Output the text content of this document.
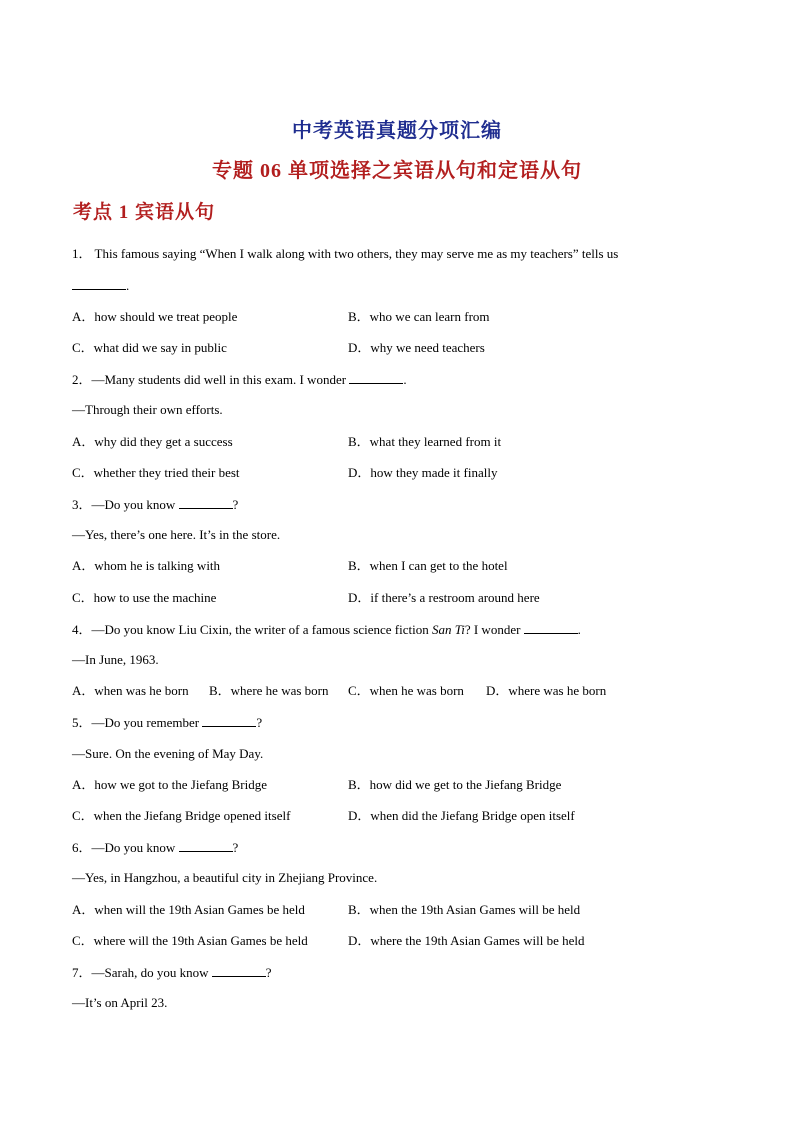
中考英语真题分项汇编
专题 06 单项选择之宾语从句和定语从句
考点 1 宾语从句
1． This famous saying “When I walk along with two others, they may serve me as my teachers” tells us
.
A．how should we treat people	B．who we can learn from
C．what did we say in public	D．why we need teachers
2．—Many students did well in this exam. I wonder	.
—Through their own efforts.
A．why did they get a success	B．what they learned from it
C．whether they tried their best	D．how they made it finally
3．—Do you know	?
—Yes, there’s one here. It’s in the store.
A．whom he is talking with	B．when I can get to the hotel
C．how to use the machine	D．if there’s a restroom around here
4．—Do you know Liu Cixin, the writer of a famous science fiction San Ti? I wonder	.
—In June, 1963.
A．when was he born B．where he was born C．when he was born D．where was he born
5．—Do you remember	?
—Sure. On the evening of May Day.
A．how we got to the Jiefang Bridge	B．how did we get to the Jiefang Bridge
C．when the Jiefang Bridge opened itself	D．when did the Jiefang Bridge open itself
6．—Do you know	?
—Yes, in Hangzhou, a beautiful city in Zhejiang Province.
A．when will the 19th Asian Games be held	B．when the 19th Asian Games will be held
C．where will the 19th Asian Games be held	D．where the 19th Asian Games will be held
7．—Sarah, do you know	?
—It’s on April 23.
